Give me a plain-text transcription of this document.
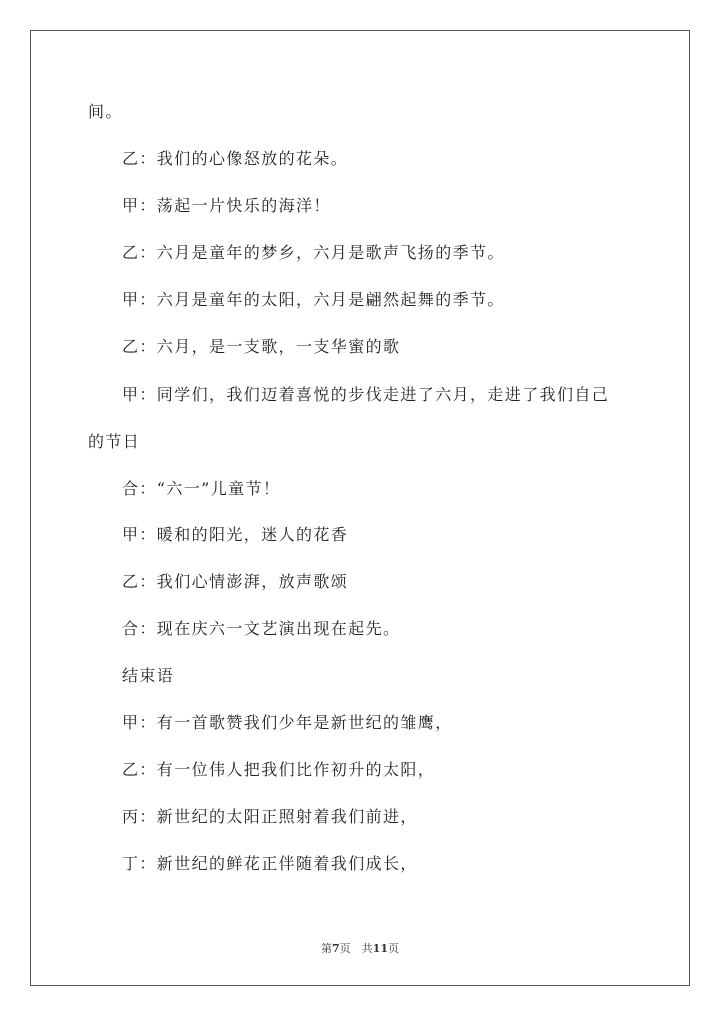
间。
乙：我们的心像怒放的花朵。
甲：荡起一片快乐的海洋！
乙：六月是童年的梦乡，六月是歌声飞扬的季节。
甲：六月是童年的太阳，六月是翩然起舞的季节。
乙：六月，是一支歌，一支华蜜的歌
甲：同学们，我们迈着喜悦的步伐走进了六月，走进了我们自己
的节日
合：“六一”儿童节！
甲：暖和的阳光，迷人的花香
乙：我们心情澎湃，放声歌颂
合：现在庆六一文艺演出现在起先。
结束语
甲：有一首歌赞我们少年是新世纪的雏鹰，
乙：有一位伟人把我们比作初升的太阳，
丙：新世纪的太阳正照射着我们前进，
丁：新世纪的鲜花正伴随着我们成长，
第7页　共11页
